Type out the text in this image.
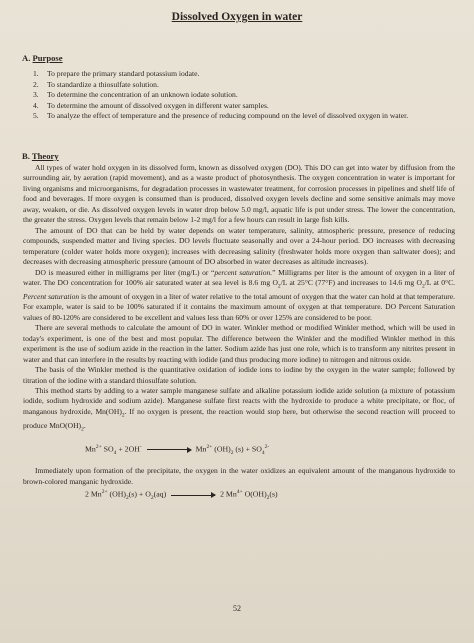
Dissolved Oxygen in water
A. Purpose
1.	To prepare the primary standard potassium iodate.
2.	To standardize a thiosulfate solution.
3.	To determine the concentration of an unknown iodate solution.
4.	To determine the amount of dissolved oxygen in different water samples.
5.	To analyze the effect of temperature and the presence of reducing compound on the level of dissolved oxygen in water.
B. Theory

All types of water hold oxygen in its dissolved form, known as dissolved oxygen (DO). This DO can get into water by diffusion from the surrounding air, by aeration (rapid movement), and as a waste product of photosynthesis. The oxygen concentration in water is important for living organisms and microorganisms, for degradation processes in wastewater treatment, for corrosion processes in pipelines and shelf life of food and beverages. If more oxygen is consumed than is produced, dissolved oxygen levels decline and some sensitive animals may move away, weaken, or die. As dissolved oxygen levels in water drop below 5.0 mg/l, aquatic life is put under stress. The lower the concentration, the greater the stress. Oxygen levels that remain below 1-2 mg/l for a few hours can result in large fish kills.

The amount of DO that can be held by water depends on water temperature, salinity, atmospheric pressure, presence of reducing compounds, suspended matter and living species. DO levels fluctuate seasonally and over a 24-hour period. DO increases with decreasing temperature (colder water holds more oxygen); increases with decreasing salinity (freshwater holds more oxygen than saltwater does); and decreases with decreasing atmospheric pressure (amount of DO absorbed in water decreases as altitude increases).

DO is measured either in milligrams per liter (mg/L) or “percent saturation.” Milligrams per liter is the amount of oxygen in a liter of water. The DO concentration for 100% air saturated water at sea level is 8.6 mg $O_2/L$ at 25°C (77°F) and increases to 14.6 mg $O_2/L$ at 0°C. Percent saturation is the amount of oxygen in a liter of water relative to the total amount of oxygen that the water can hold at that temperature. For example, water is said to be 100% saturated if it contains the maximum amount of oxygen at that temperature. DO Percent Saturation values of 80-120% are considered to be excellent and values less than 60% or over 125% are considered to be poor.

There are several methods to calculate the amount of DO in water. Winkler method or modified Winkler method, which will be used in today's experiment, is one of the best and most popular. The difference between the Winkler and the modified Winkler method in this experiment is the use of sodium azide in the reaction in the latter. Sodium azide has just one role, which is to transform any nitrites present in water and that can interfere in the results by reacting with iodide (and thus producing more iodine) to nitrogen and nitrous oxide.

The basis of the Winkler method is the quantitative oxidation of iodide ions to iodine by the oxygen in the water sample; followed by titration of the iodine with a standard thiosulfate solution.

This method starts by adding to a water sample manganese sulfate and alkaline potassium iodide azide solution (a mixture of potassium iodide, sodium hydroxide and sodium azide). Manganese sulfate first reacts with the hydroxide to produce a white precipitate, or floc, of manganous hydroxide, $Mn(OH)_2$. If no oxygen is present, the reaction would stop here, but otherwise the second reaction will proceed to produce $MnO(OH)_2$.

$Mn^{2+}$ $SO_4 + 2OH^-$	$Mn^{2+}$ $(OH)_2$ $(s) + SO_4^{2-}$

Immediately upon formation of the precipitate, the oxygen in the water oxidizes an equivalent amount of the manganous hydroxide to brown-colored manganic hydroxide.

2 $Mn^{2+}$ $(OH)_2(s) + O_2(aq)$	2 $Mn^{4+}$ $O(OH)_2(s)$
52
